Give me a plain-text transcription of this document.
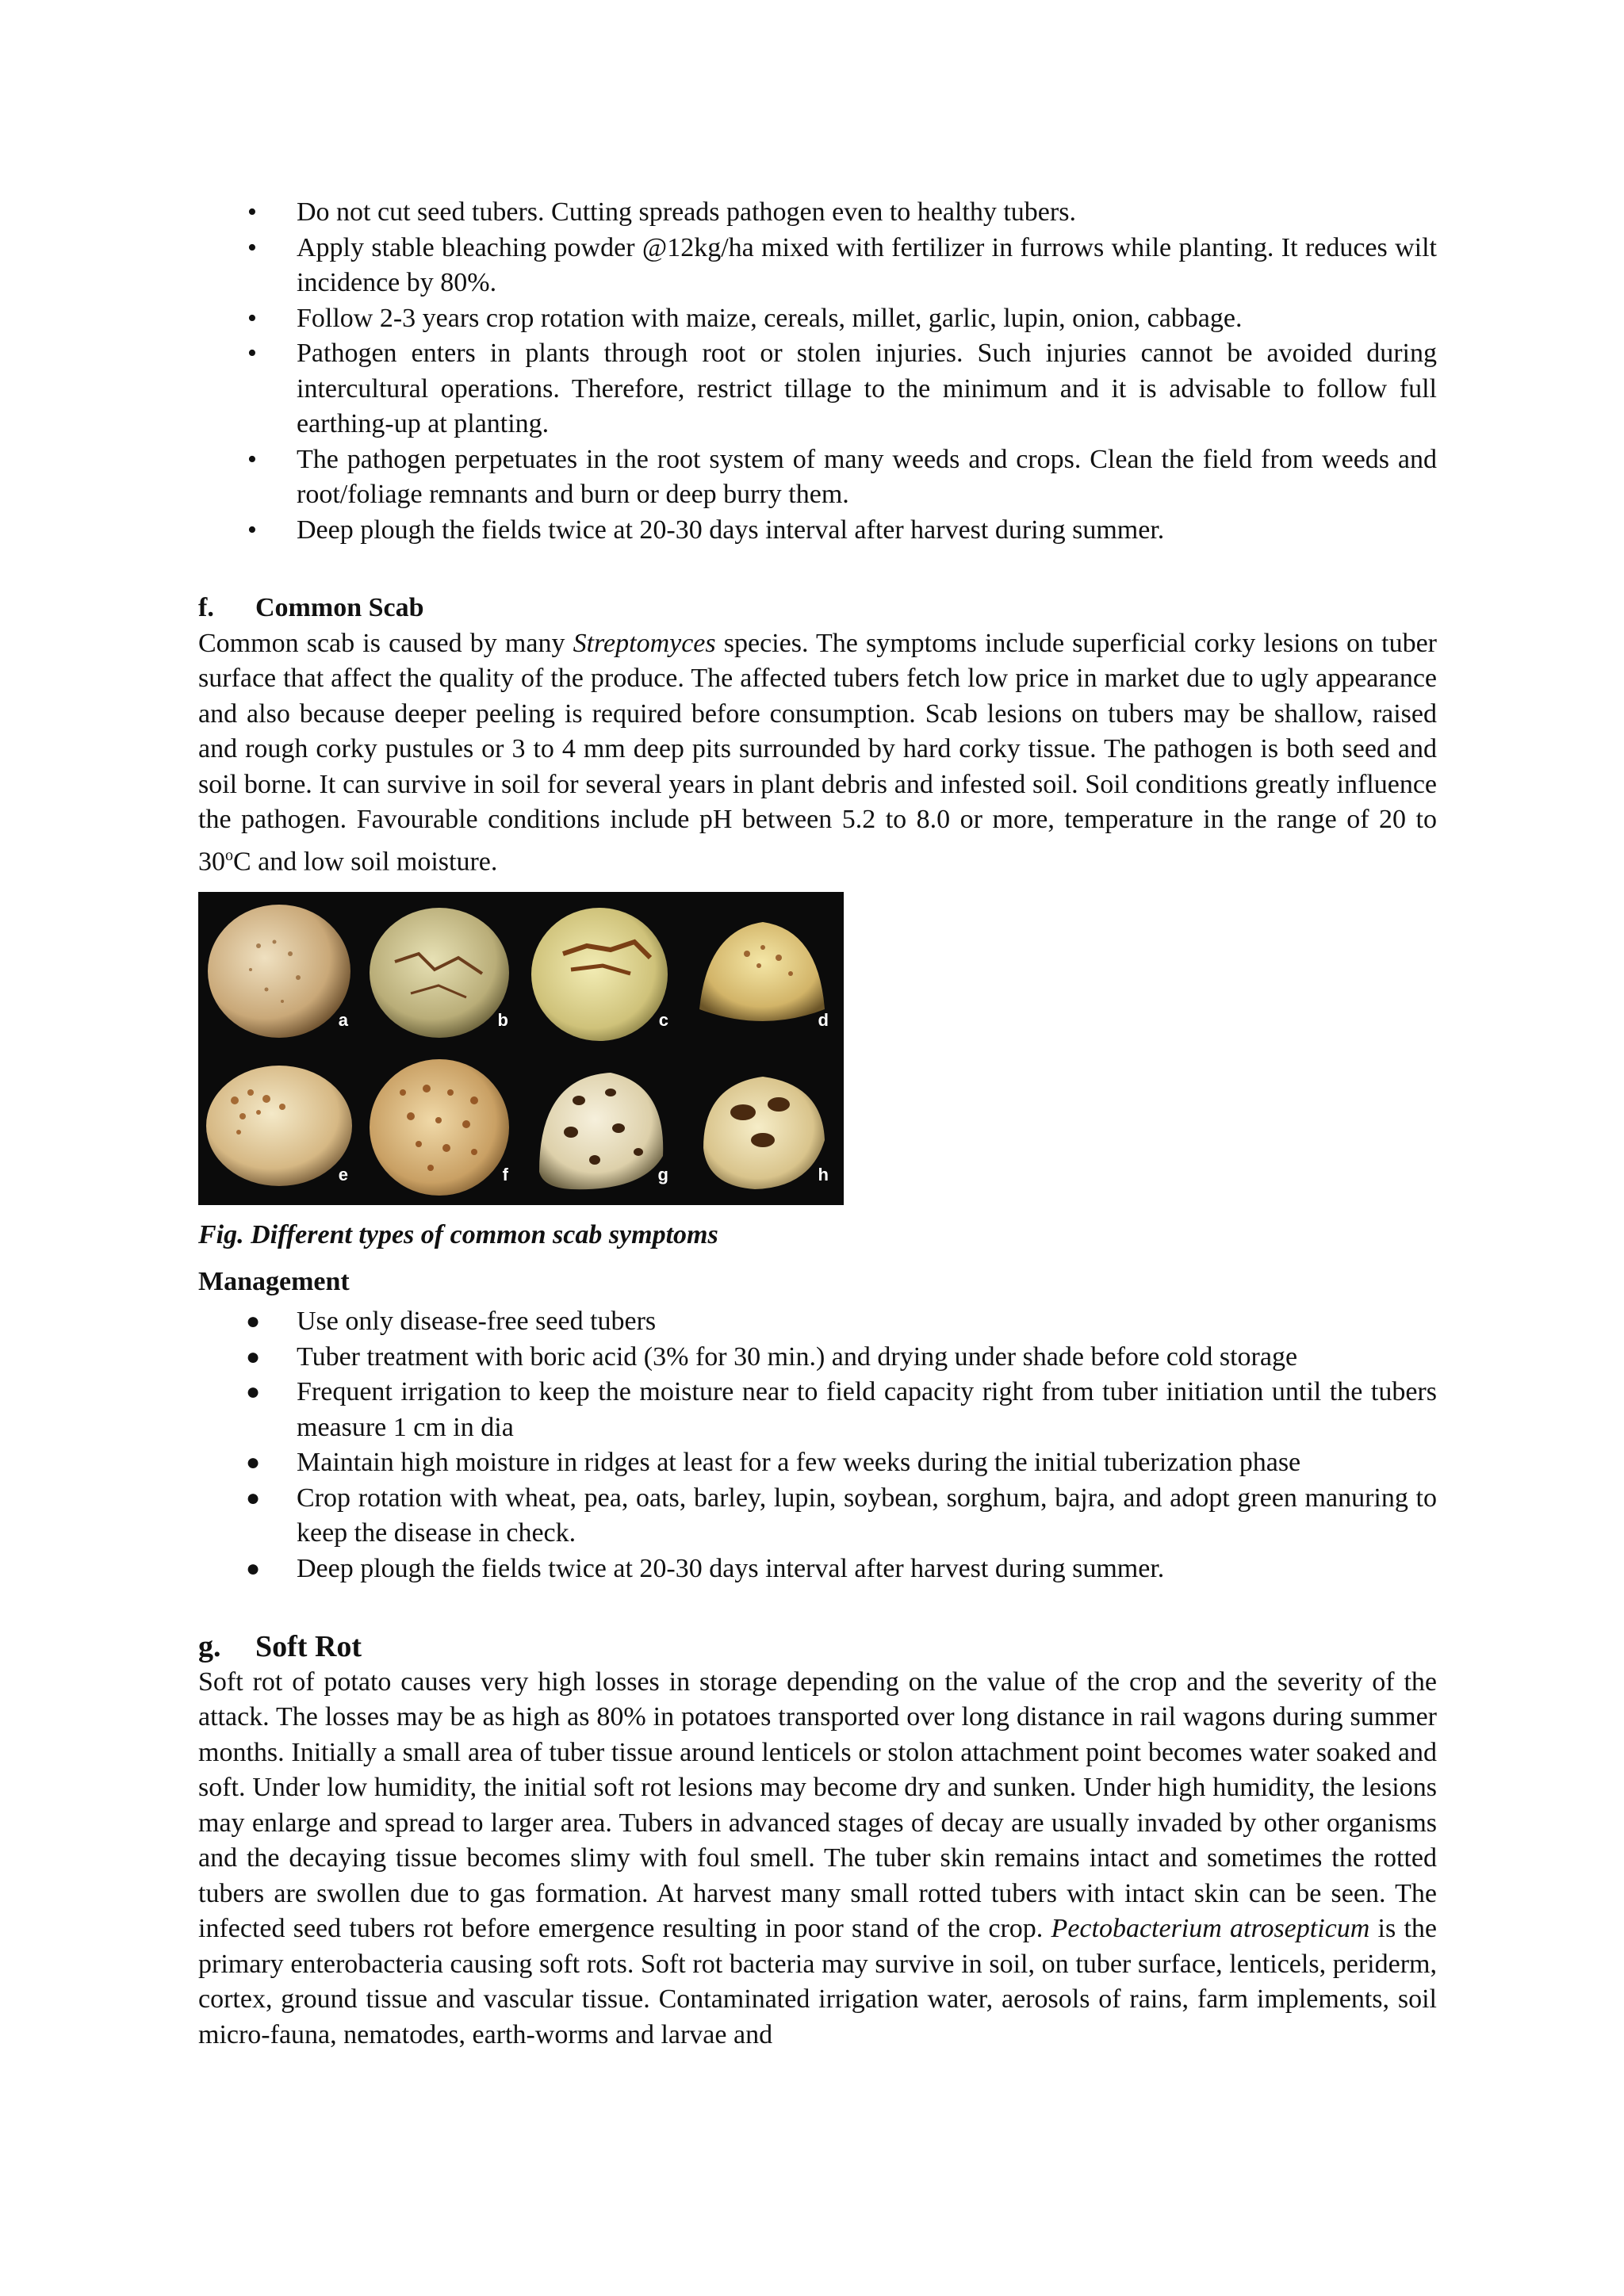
• Do not cut seed tubers. Cutting spreads pathogen even to healthy tubers.
• Apply stable bleaching powder @12kg/ha mixed with fertilizer in furrows while planting. It reduces wilt incidence by 80%.
• Follow 2-3 years crop rotation with maize, cereals, millet, garlic, lupin, onion, cabbage.
• Pathogen enters in plants through root or stolen injuries. Such injuries cannot be avoided during intercultural operations. Therefore, restrict tillage to the minimum and it is advisable to follow full earthing-up at planting.
• The pathogen perpetuates in the root system of many weeds and crops. Clean the field from weeds and root/foliage remnants and burn or deep burry them.
• Deep plough the fields twice at 20-30 days interval after harvest during summer.

f. Common Scab

Common scab is caused by many Streptomyces species. The symptoms include superficial corky lesions on tuber surface that affect the quality of the produce. The affected tubers fetch low price in market due to ugly appearance and also because deeper peeling is required before consumption. Scab lesions on tubers may be shallow, raised and rough corky pustules or 3 to 4 mm deep pits surrounded by hard corky tissue. The pathogen is both seed and soil borne. It can survive in soil for several years in plant debris and infested soil. Soil conditions greatly influence the pathogen. Favourable conditions include pH between 5.2 to 8.0 or more, temperature in the range of 20 to 30$^o$C and low soil moisture.

a	b	c	d
e	f	g	h

Fig. Different types of common scab symptoms

Management

● Use only disease-free seed tubers
● Tuber treatment with boric acid (3% for 30 min.) and drying under shade before cold storage
● Frequent irrigation to keep the moisture near to field capacity right from tuber initiation until the tubers measure 1 cm in dia
● Maintain high moisture in ridges at least for a few weeks during the initial tuberization phase
● Crop rotation with wheat, pea, oats, barley, lupin, soybean, sorghum, bajra, and adopt green manuring to keep the disease in check.
● Deep plough the fields twice at 20-30 days interval after harvest during summer.

g. Soft Rot

Soft rot of potato causes very high losses in storage depending on the value of the crop and the severity of the attack. The losses may be as high as 80% in potatoes transported over long distance in rail wagons during summer months. Initially a small area of tuber tissue around lenticels or stolon attachment point becomes water soaked and soft. Under low humidity, the initial soft rot lesions may become dry and sunken. Under high humidity, the lesions may enlarge and spread to larger area. Tubers in advanced stages of decay are usually invaded by other organisms and the decaying tissue becomes slimy with foul smell. The tuber skin remains intact and sometimes the rotted tubers are swollen due to gas formation. At harvest many small rotted tubers with intact skin can be seen. The infected seed tubers rot before emergence resulting in poor stand of the crop. Pectobacterium atrosepticum is the primary enterobacteria causing soft rots. Soft rot bacteria may survive in soil, on tuber surface, lenticels, periderm, cortex, ground tissue and vascular tissue. Contaminated irrigation water, aerosols of rains, farm implements, soil micro-fauna, nematodes, earth-worms and larvae and
